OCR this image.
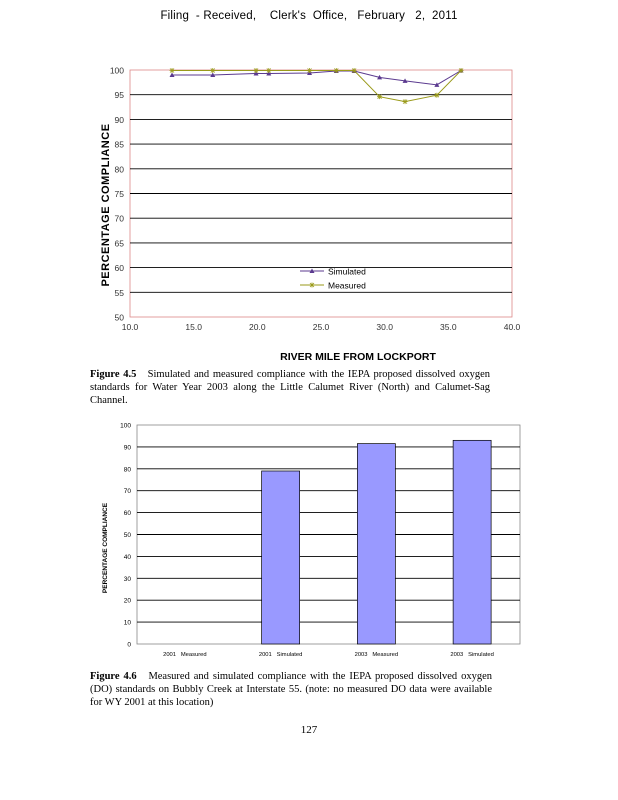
Filing  - Received,    Clerk's  Office,   February   2,  2011
PERCENTAGE COMPLIANCE
RIVER MILE FROM LOCKPORT
50
55
60
65
70
75
80
85
90
95
100
10.0	15.0	20.0	25.0	30.0	35.0	40.0
Simulated
Measured
Figure 4.5 Simulated and measured compliance with the IEPA proposed dissolved oxygen standards for Water Year 2003 along the Little Calumet River (North) and Calumet-Sag Channel.
PERCENTAGE COMPLIANCE
0
10
20
30
40
50
60
70
80
90
100
2001   Measured	2001   Simulated	2003   Measured	2003   Simulated
Figure 4.6 Measured and simulated compliance with the IEPA proposed dissolved oxygen (DO) standards on Bubbly Creek at Interstate 55. (note: no measured DO data were available for WY 2001 at this location)
127
